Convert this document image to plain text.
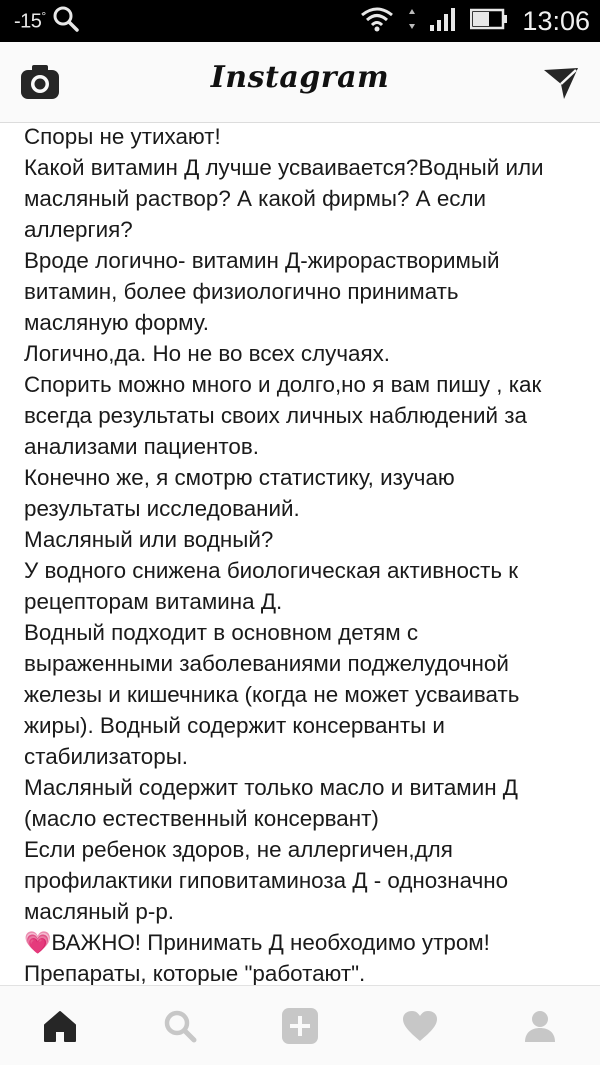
-15°	13:06
Instagram

Споры не утихают!

Какой витамин Д лучше усваивается?Водный или

масляный раствор? А какой фирмы? А если

аллергия?

Вроде логично- витамин Д-жирорастворимый

витамин, более физиологично принимать

масляную форму.

Логично,да. Но не во всех случаях.

Спорить можно много и долго,но я вам пишу , как

всегда результаты своих личных наблюдений за

анализами пациентов.

Конечно же, я смотрю статистику, изучаю

результаты исследований.

Масляный или водный?

У водного снижена биологическая активность к

рецепторам витамина Д.

Водный подходит в основном детям с

выраженными заболеваниями поджелудочной

железы и кишечника (когда не может усваивать

жиры). Водный содержит консерванты и

стабилизаторы.

Масляный содержит только масло и витамин Д

(масло естественный консервант)

Если ребенок здоров, не аллергичен,для

профилактики гиповитаминоза Д - однозначно

масляный р-р.

💗ВАЖНО! Принимать Д необходимо утром!

Препараты, которые "работают".
